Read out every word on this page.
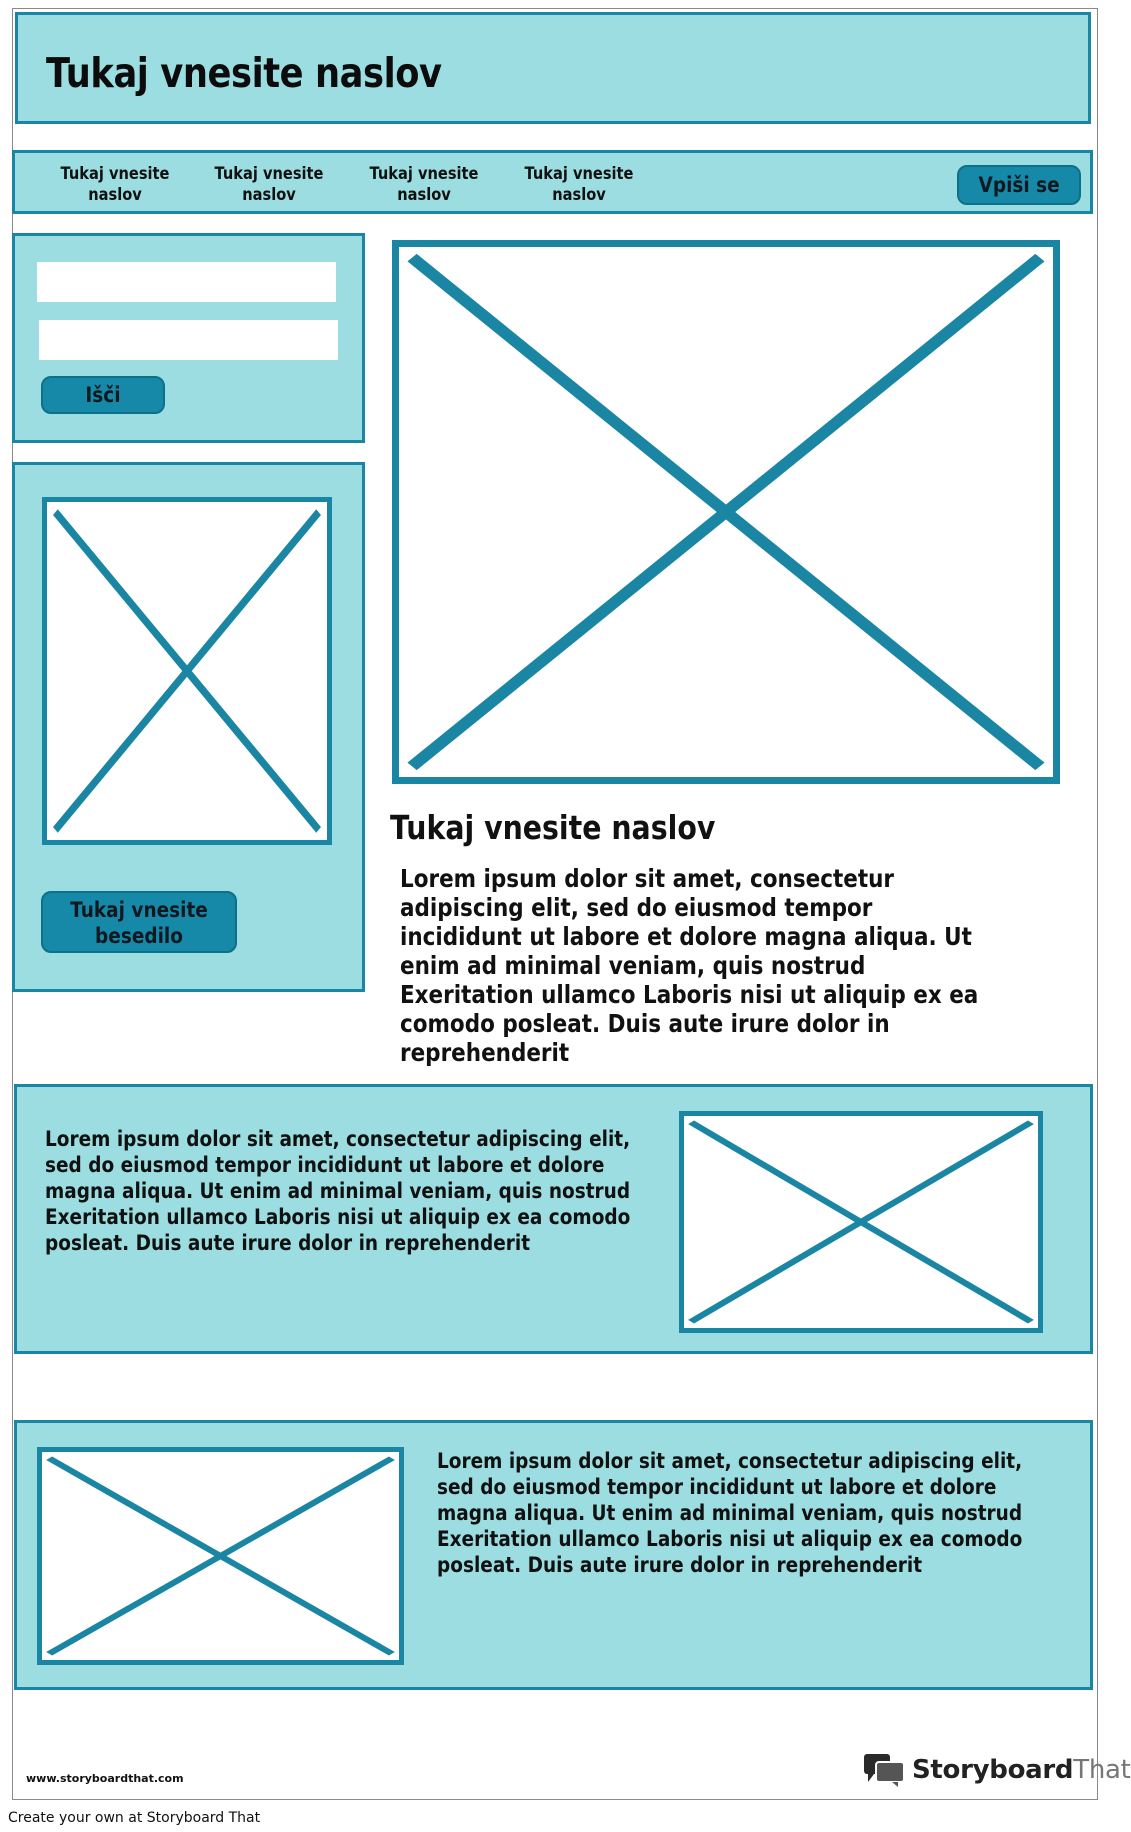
Tukaj vnesite naslov
Tukaj vnesite
naslov
Tukaj vnesite
naslov
Tukaj vnesite
naslov
Tukaj vnesite
naslov	Vpiši se
Išči
Tukaj vnesite besedilo
Tukaj vnesite naslov
Lorem ipsum dolor sit amet, consectetur adipiscing elit, sed do eiusmod tempor incididunt ut labore et dolore magna aliqua. Ut enim ad minimal veniam, quis nostrud Exeritation ullamco Laboris nisi ut aliquip ex ea comodo posleat. Duis aute irure dolor in reprehenderit
Lorem ipsum dolor sit amet, consectetur adipiscing elit, sed do eiusmod tempor incididunt ut labore et dolore magna aliqua. Ut enim ad minimal veniam, quis nostrud Exeritation ullamco Laboris nisi ut aliquip ex ea comodo posleat. Duis aute irure dolor in reprehenderit
Lorem ipsum dolor sit amet, consectetur adipiscing elit, sed do eiusmod tempor incididunt ut labore et dolore magna aliqua. Ut enim ad minimal veniam, quis nostrud Exeritation ullamco Laboris nisi ut aliquip ex ea comodo posleat. Duis aute irure dolor in reprehenderit
www.storyboardthat.com	StoryboardThat
Create your own at Storyboard That
